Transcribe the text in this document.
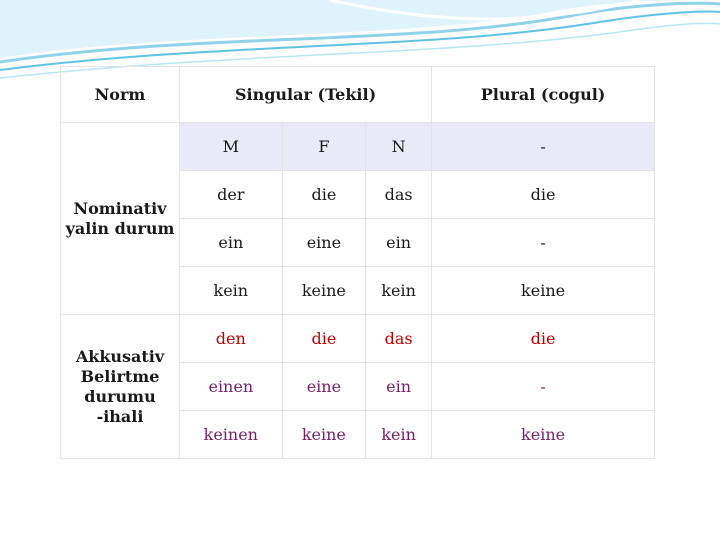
Norm	Singular (Tekil)			Plural (cogul)

Nominativ
yalin durum	M	F	N	-
	der	die	das	die
	ein	eine	ein	-
	kein	keine	kein	keine

Akkusativ
Belirtme
durumu
-ihali	den	die	das	die
	einen	eine	ein	-
	keinen	keine	kein	keine
